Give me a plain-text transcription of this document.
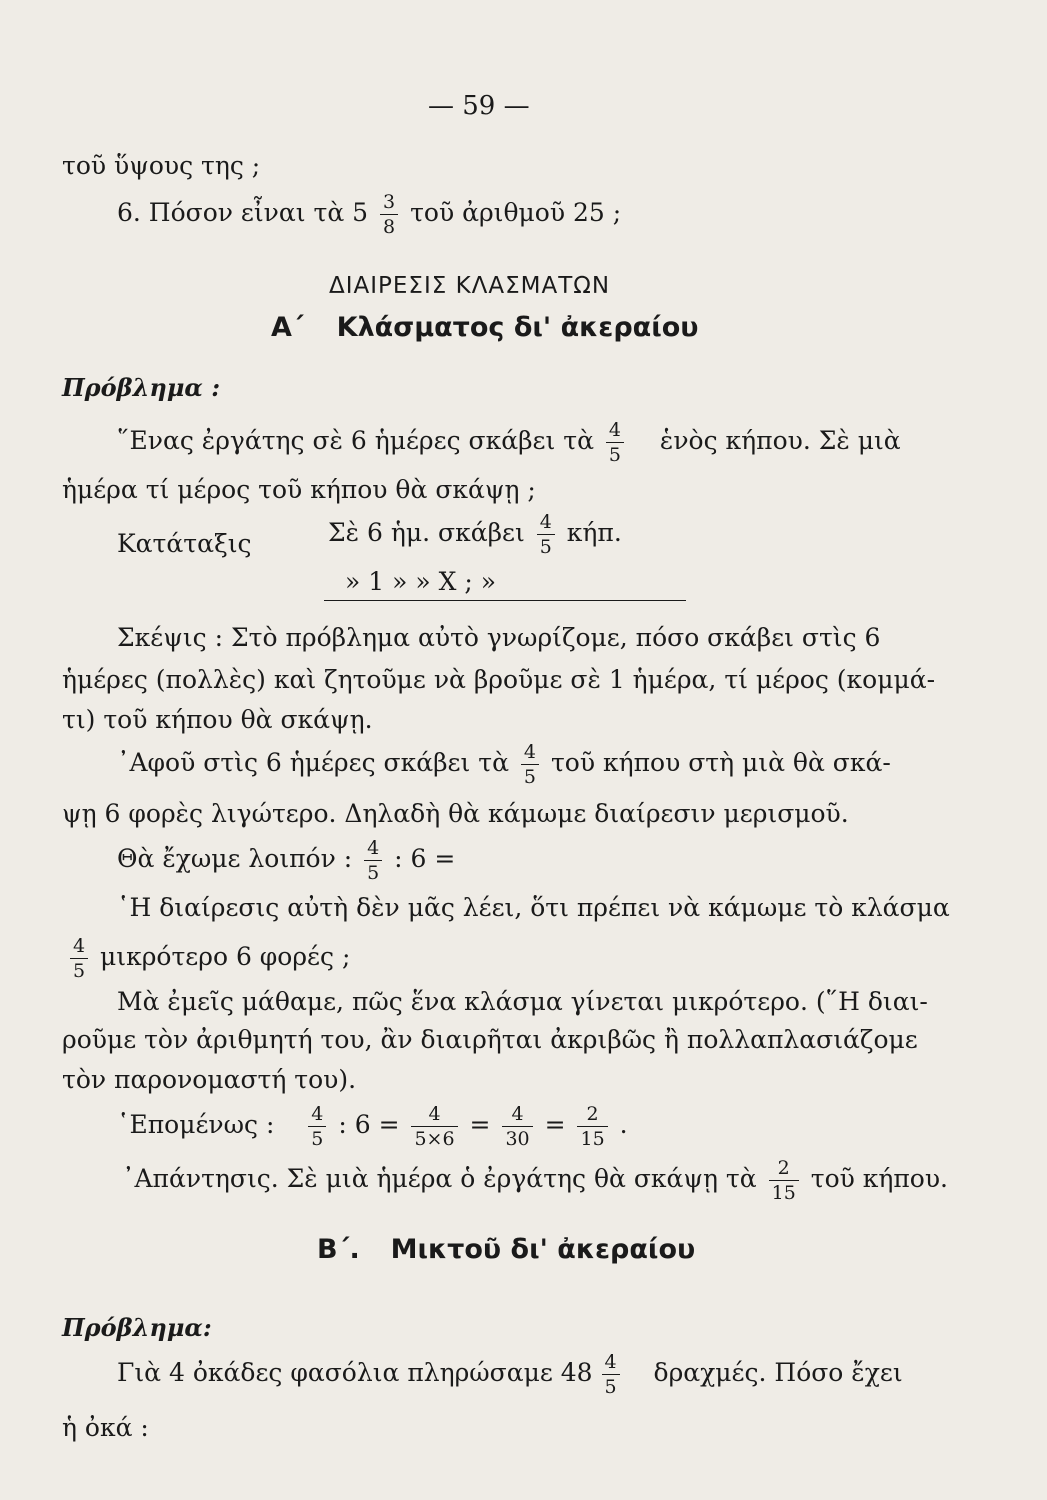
— 59 —
τοῦ ὕψους της ;
6. Πόσον εἶναι τὰ $5 \frac{3}{8}$ τοῦ ἀριθμοῦ 25 ;
ΔΙΑΙΡΕΣΙΣ ΚΛΑΣΜΑΤΩΝ
Α΄ Κλάσματος δι' ἀκεραίου
Πρόβλημα :
῞Ενας ἐργάτης σὲ 6 ἡμέρες σκάβει τὰ $\frac{4}{5}$ ἑνὸς κήπου. Σὲ μιὰ
ἡμέρα τί μέρος τοῦ κήπου θὰ σκάψῃ ;
Κατάταξις	Σὲ 6 ἡμ. σκάβει $\frac{4}{5} \kappa ή\pi$.
» 1 » » Χ ; »
Σκέψις : Στὸ πρόβλημα αὐτὸ γνωρίζομε, πόσο σκάβει στὶς 6
ἡμέρες (πολλὲς) καὶ ζητοῦμε νὰ βροῦμε σὲ 1 ἡμέρα, τί μέρος (κομμά-
τι) τοῦ κήπου θὰ σκάψῃ.
᾿Αφοῦ στὶς 6 ἡμέρες σκάβει τὰ $\frac{4}{5}$ τοῦ κήπου στὴ μιὰ θὰ σκά-
ψῃ 6 φορὲς λιγώτερο. Δηλαδὴ θὰ κάμωμε διαίρεσιν μερισμοῦ.
Θὰ ἔχωμε λοιπόν : $\frac{4}{5}$ : 6 =
῾Η διαίρεσις αὐτὴ δὲν μᾶς λέει, ὅτι πρέπει νὰ κάμωμε τὸ κλάσμα
$\frac{4}{5}$ μικρότερο 6 φορές ;
Μὰ ἐμεῖς μάθαμε, πῶς ἕνα κλάσμα γίνεται μικρότερο. (῞Η διαι-
ροῦμε τὸν ἀριθμητή του, ἂν διαιρῆται ἀκριβῶς ἢ πολλαπλασιάζομε
τὸν παρονομαστή του).
῾Επομένως : $\frac{4}{5}$ : $6 = \frac{4}{5\times 6} = \frac{4}{30} = \frac{2}{15}$ .
᾿Απάντησις. Σὲ μιὰ ἡμέρα ὁ ἐργάτης θὰ σκάψῃ τὰ $\frac{2}{15}$ τοῦ κήπου.
Β΄. Μικτοῦ δι' ἀκεραίου
Πρόβλημα:
Γιὰ 4 ὀκάδες φασόλια πληρώσαμε $48 \frac{4}{5} \delta\rho\alpha\chi\mu έ\varsigma$. Πόσο ἔχει
ἡ ὀκά :
